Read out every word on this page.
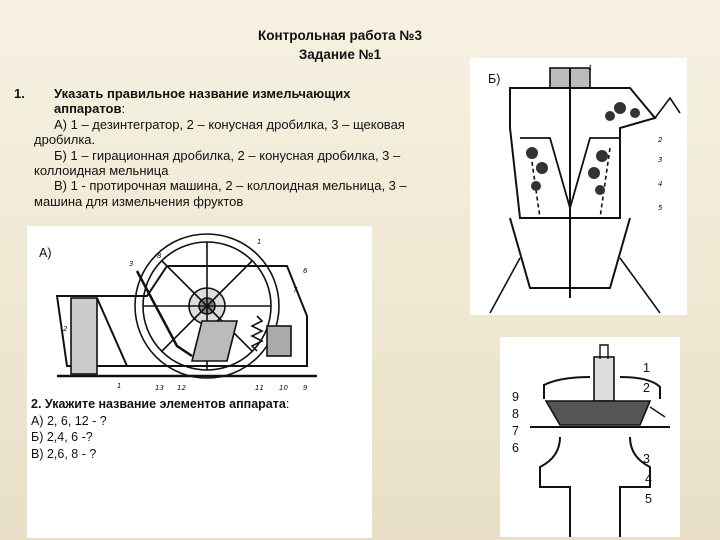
Контрольная работа №3
Задание №1
1. Указать правильное название измельчающих
аппаратов:
А) 1 – дезинтегратор, 2 – конусная дробилка, 3 – щековая
дробилка.
Б) 1 – гирационная дробилка, 2 – конусная дробилка, 3 –
коллоидная мельница
В) 1 - протирочная машина, 2 – коллоидная мельница, 3 –
машина для измельчения фруктов
3
8
1
6
7
2
1	13 12	11 10 9
А)
2. Укажите название элементов аппарата:
А) 2, 6, 12 - ?
Б) 2,4, 6 -?
В) 2,6, 8 - ?
1
2
3
4
5
Б)
1
2
3
4
5
6
7
8
9
